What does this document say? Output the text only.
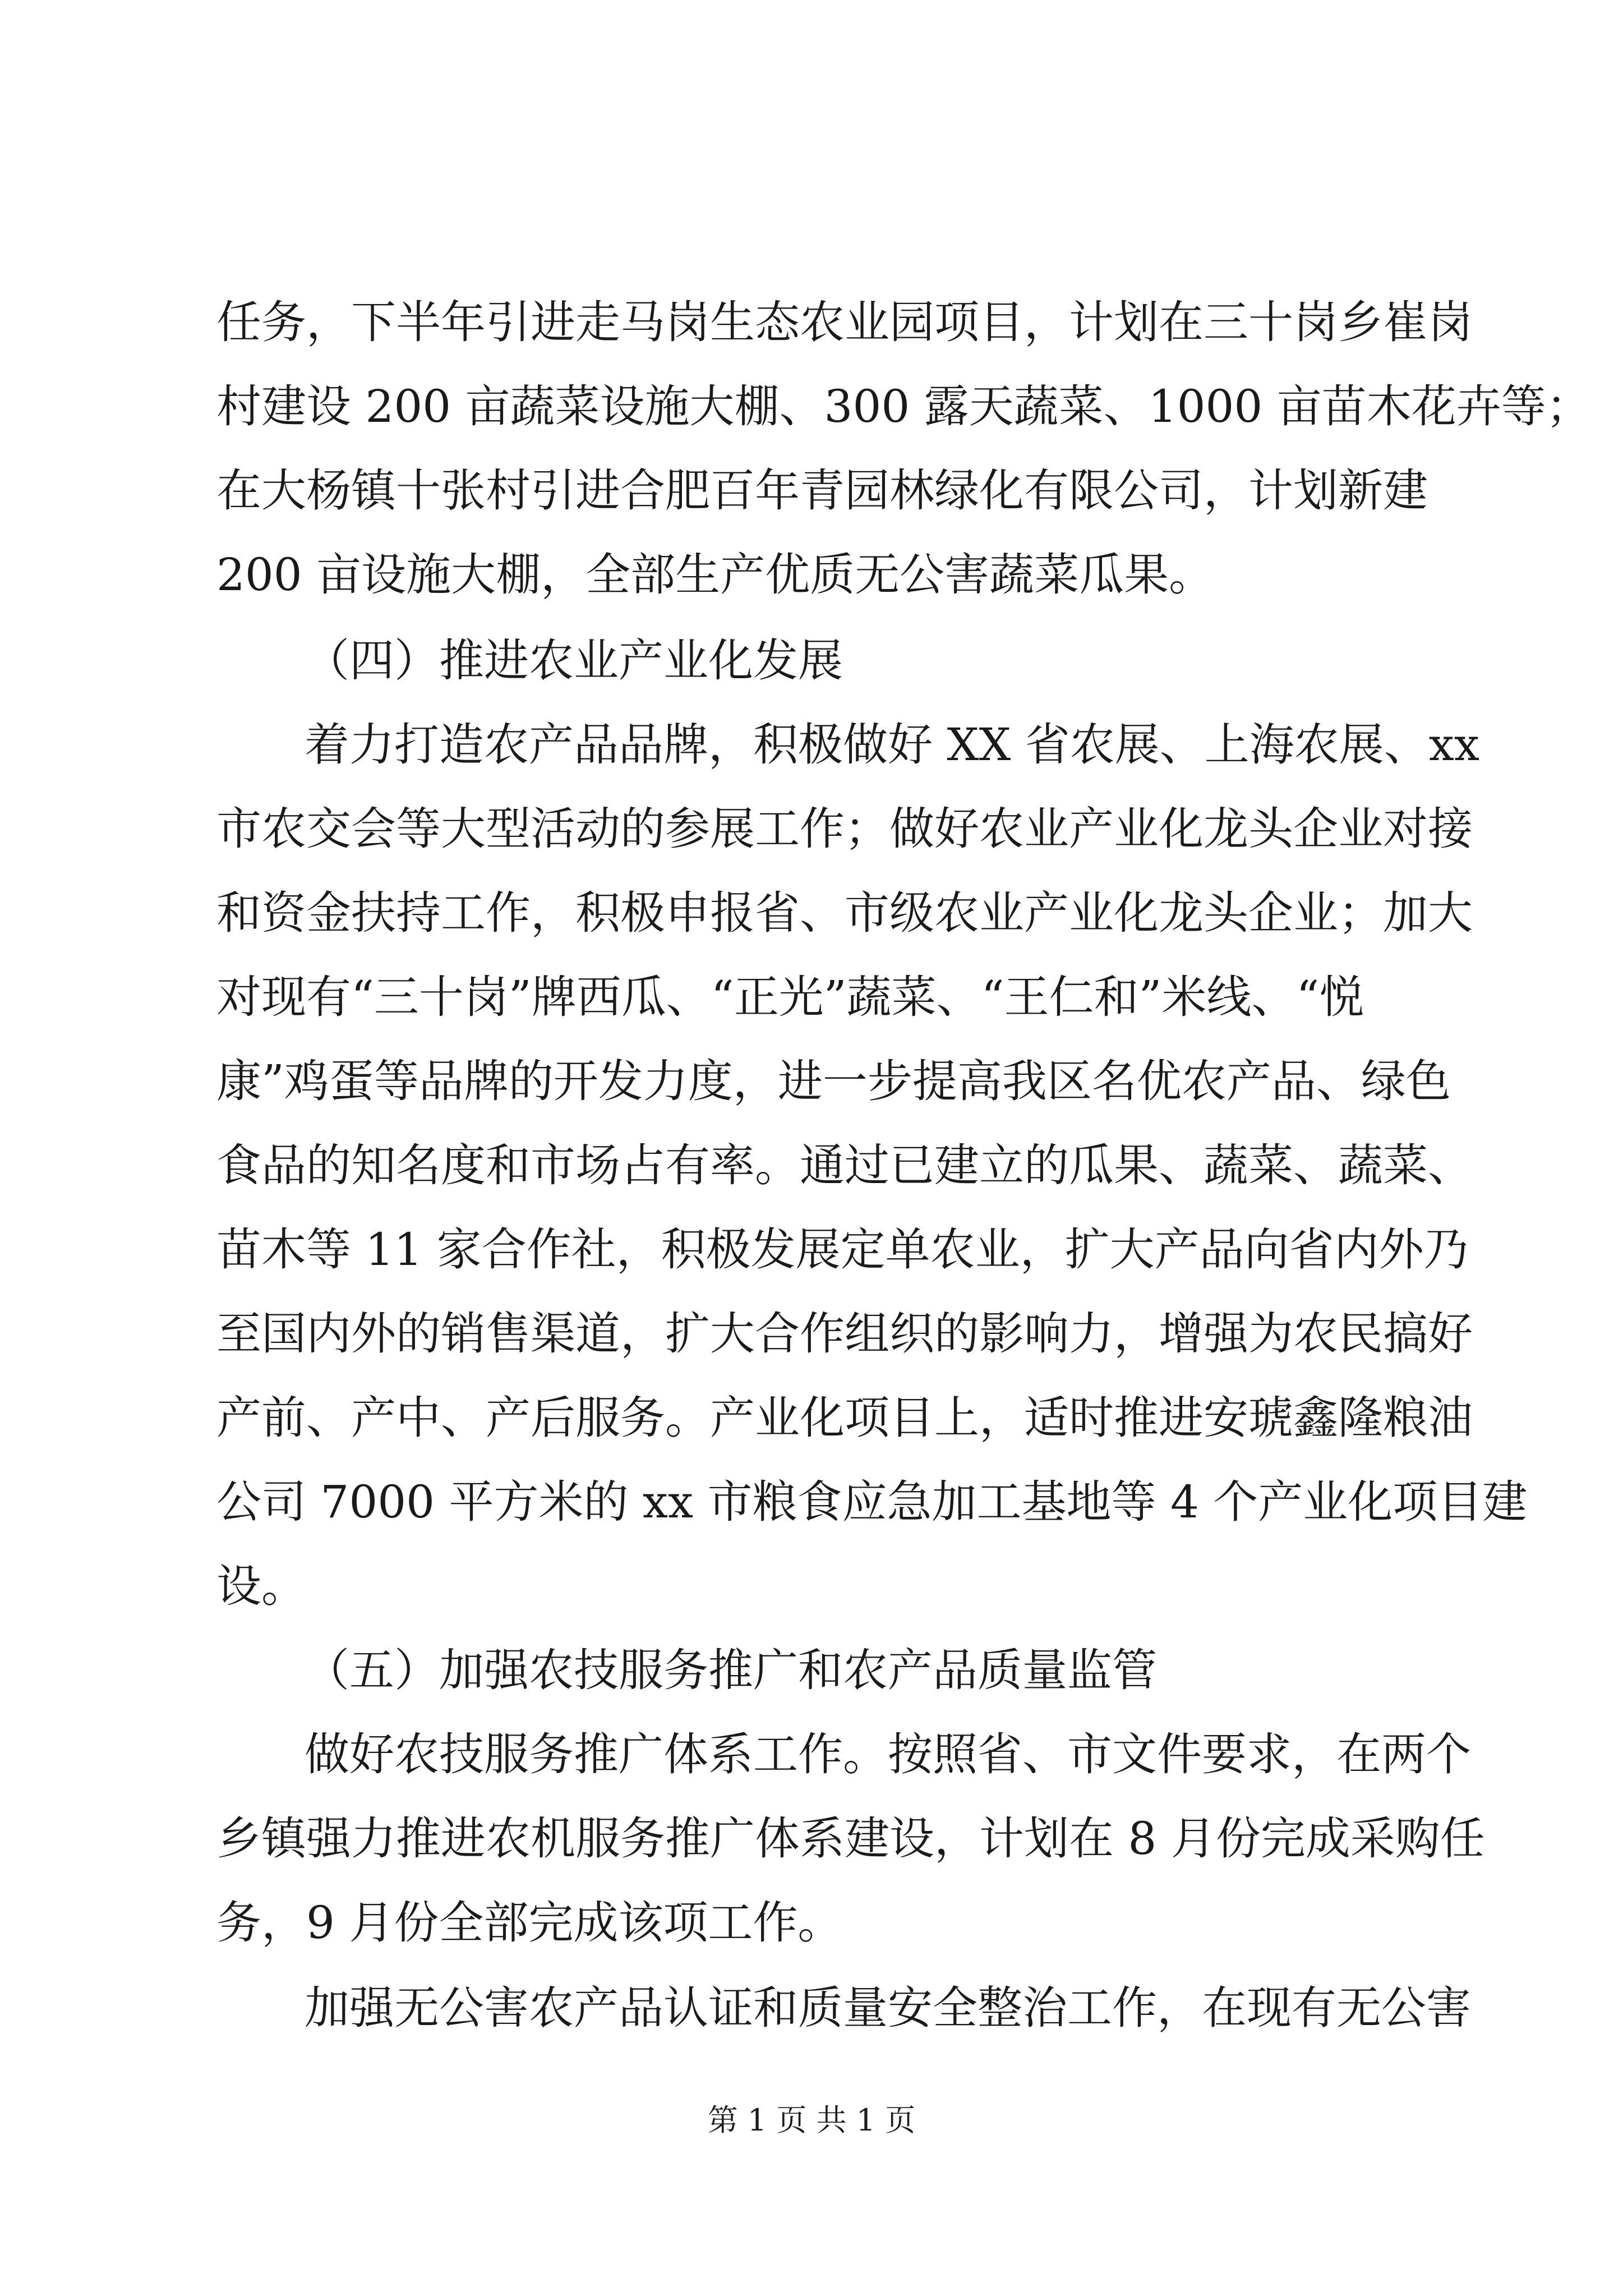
任务，下半年引进走马岗生态农业园项目，计划在三十岗乡崔岗
村建设 200 亩蔬菜设施大棚、300 露天蔬菜、1000 亩苗木花卉等；
在大杨镇十张村引进合肥百年青园林绿化有限公司，计划新建
200 亩设施大棚，全部生产优质无公害蔬菜瓜果。
（四）推进农业产业化发展
着力打造农产品品牌，积极做好 XX 省农展、上海农展、xx
市农交会等大型活动的参展工作；做好农业产业化龙头企业对接
和资金扶持工作，积极申报省、市级农业产业化龙头企业；加大
对现有“三十岗”牌西瓜、“正光”蔬菜、“王仁和”米线、“悦
康”鸡蛋等品牌的开发力度，进一步提高我区名优农产品、绿色
食品的知名度和市场占有率。通过已建立的瓜果、蔬菜、蔬菜、
苗木等 11 家合作社，积极发展定单农业，扩大产品向省内外乃
至国内外的销售渠道，扩大合作组织的影响力，增强为农民搞好
产前、产中、产后服务。产业化项目上，适时推进安琥鑫隆粮油
公司 7000 平方米的 xx 市粮食应急加工基地等 4 个产业化项目建
设。
（五）加强农技服务推广和农产品质量监管
做好农技服务推广体系工作。按照省、市文件要求，在两个
乡镇强力推进农机服务推广体系建设，计划在 8 月份完成采购任
务，9 月份全部完成该项工作。
加强无公害农产品认证和质量安全整治工作，在现有无公害
第 1 页 共 1 页
